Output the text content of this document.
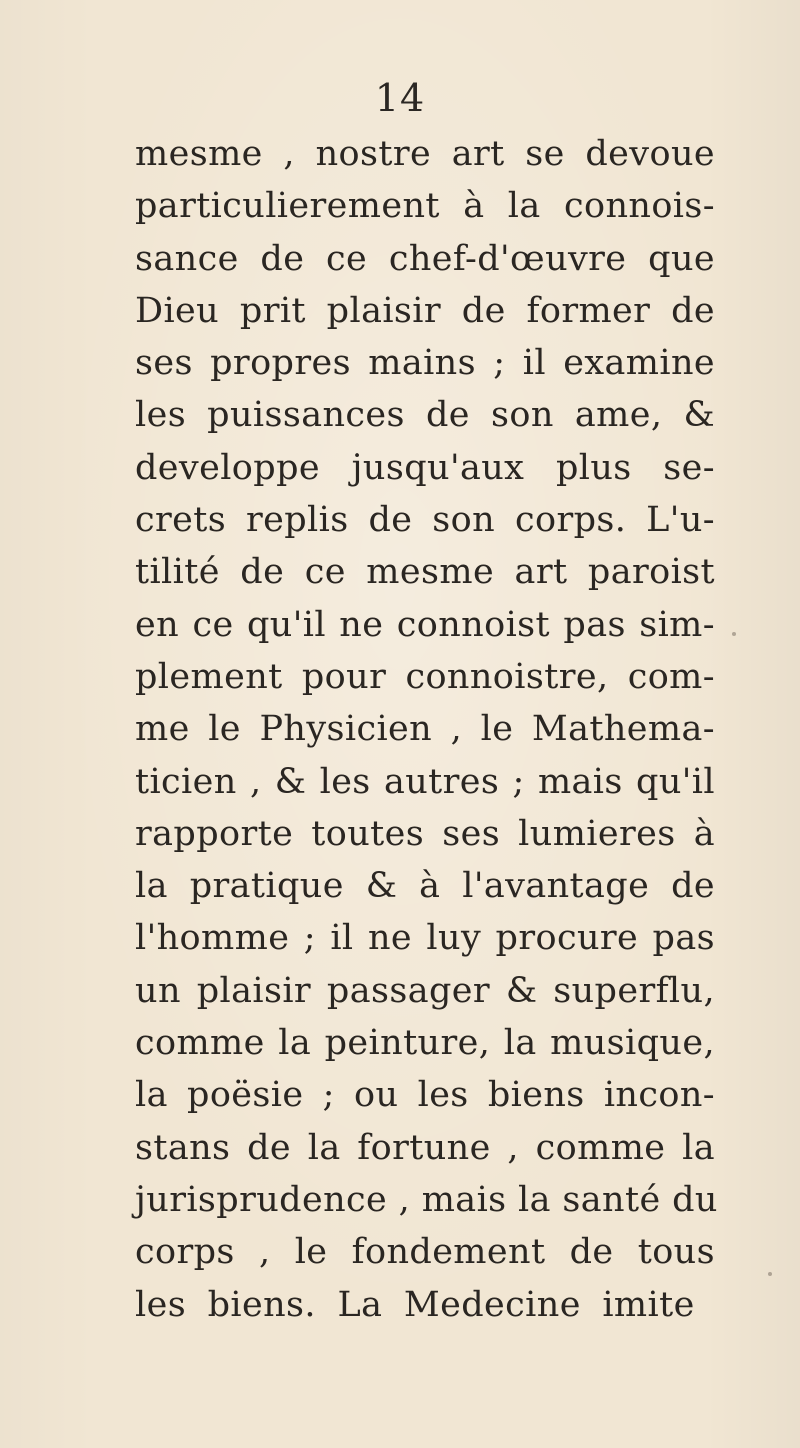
14
mesme , nostre art se devoue
particulierement à la connois-
sance de ce chef-d'œuvre que
Dieu prit plaisir de former de
ses propres mains ; il examine
les puissances de son ame, &
developpe jusqu'aux plus se-
crets replis de son corps. L'u-
tilité de ce mesme art paroist
en ce qu'il ne connoist pas sim-
plement pour connoistre, com-
me le Physicien , le Mathema-
ticien , & les autres ; mais qu'il
rapporte toutes ses lumieres à
la pratique & à l'avantage de
l'homme ; il ne luy procure pas
un plaisir passager & superflu,
comme la peinture, la musique,
la poësie ; ou les biens incon-
stans de la fortune , comme la
jurisprudence , mais la santé du
corps , le fondement de tous
les biens. La Medecine imite
